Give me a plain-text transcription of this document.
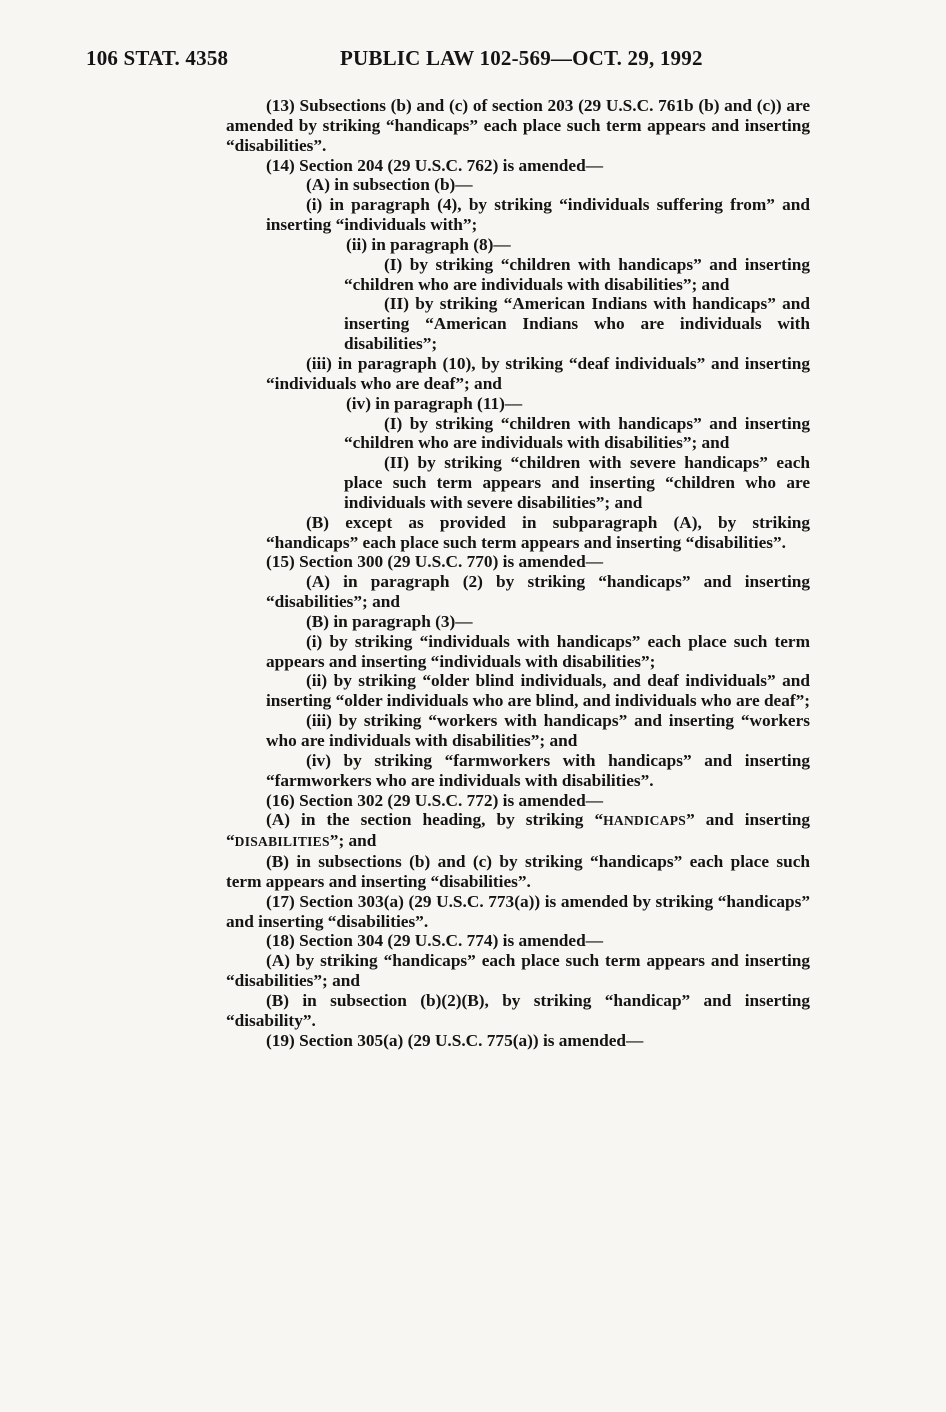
106 STAT. 4358	PUBLIC LAW 102-569—OCT. 29, 1992

(13) Subsections (b) and (c) of section 203 (29 U.S.C. 761b (b) and (c)) are amended by striking “handicaps” each place such term appears and inserting “disabilities”.

(14) Section 204 (29 U.S.C. 762) is amended—

(A) in subsection (b)—

(i) in paragraph (4), by striking “individuals suffering from” and inserting “individuals with”;

(ii) in paragraph (8)—

(I) by striking “children with handicaps” and inserting “children who are individuals with disabilities”; and

(II) by striking “American Indians with handicaps” and inserting “American Indians who are individuals with disabilities”;

(iii) in paragraph (10), by striking “deaf individuals” and inserting “individuals who are deaf”; and

(iv) in paragraph (11)—

(I) by striking “children with handicaps” and inserting “children who are individuals with disabilities”; and

(II) by striking “children with severe handicaps” each place such term appears and inserting “children who are individuals with severe disabilities”; and

(B) except as provided in subparagraph (A), by striking “handicaps” each place such term appears and inserting “disabilities”.

(15) Section 300 (29 U.S.C. 770) is amended—

(A) in paragraph (2) by striking “handicaps” and inserting “disabilities”; and

(B) in paragraph (3)—

(i) by striking “individuals with handicaps” each place such term appears and inserting “individuals with disabilities”;

(ii) by striking “older blind individuals, and deaf individuals” and inserting “older individuals who are blind, and individuals who are deaf”;

(iii) by striking “workers with handicaps” and inserting “workers who are individuals with disabilities”; and

(iv) by striking “farmworkers with handicaps” and inserting “farmworkers who are individuals with disabilities”.

(16) Section 302 (29 U.S.C. 772) is amended—

(A) in the section heading, by striking “HANDICAPS” and inserting “DISABILITIES”; and

(B) in subsections (b) and (c) by striking “handicaps” each place such term appears and inserting “disabilities”.

(17) Section 303(a) (29 U.S.C. 773(a)) is amended by striking “handicaps” and inserting “disabilities”.

(18) Section 304 (29 U.S.C. 774) is amended—

(A) by striking “handicaps” each place such term appears and inserting “disabilities”; and

(B) in subsection (b)(2)(B), by striking “handicap” and inserting “disability”.

(19) Section 305(a) (29 U.S.C. 775(a)) is amended—
